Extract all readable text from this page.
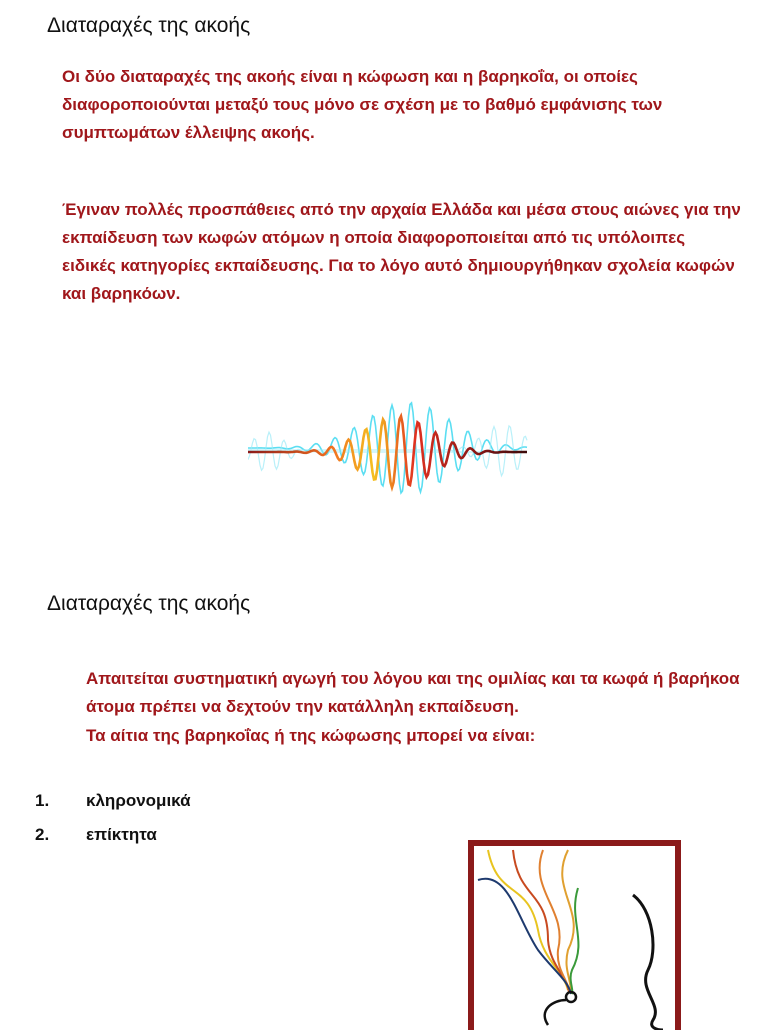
Διαταραχές της ακοής

Οι δύο διαταραχές της ακοής είναι η κώφωση και η βαρηκοΐα, οι οποίες διαφοροποιούνται μεταξύ τους μόνο σε σχέση με το βαθμό εμφάνισης των συμπτωμάτων έλλειψης ακοής.

Έγιναν πολλές προσπάθειες από την αρχαία Ελλάδα και μέσα στους αιώνες για την εκπαίδευση των κωφών ατόμων η οποία διαφοροποιείται από τις υπόλοιπες ειδικές κατηγορίες εκπαίδευσης. Για το λόγο αυτό δημιουργήθηκαν σχολεία κωφών και βαρηκόων.

Διαταραχές της ακοής

Απαιτείται συστηματική αγωγή του λόγου και της ομιλίας και τα κωφά ή βαρήκοα άτομα πρέπει να δεχτούν την κατάλληλη εκπαίδευση.

Τα αίτια της βαρηκοΐας ή της κώφωσης μπορεί να είναι:

1. κληρονομικά
2. επίκτητα
